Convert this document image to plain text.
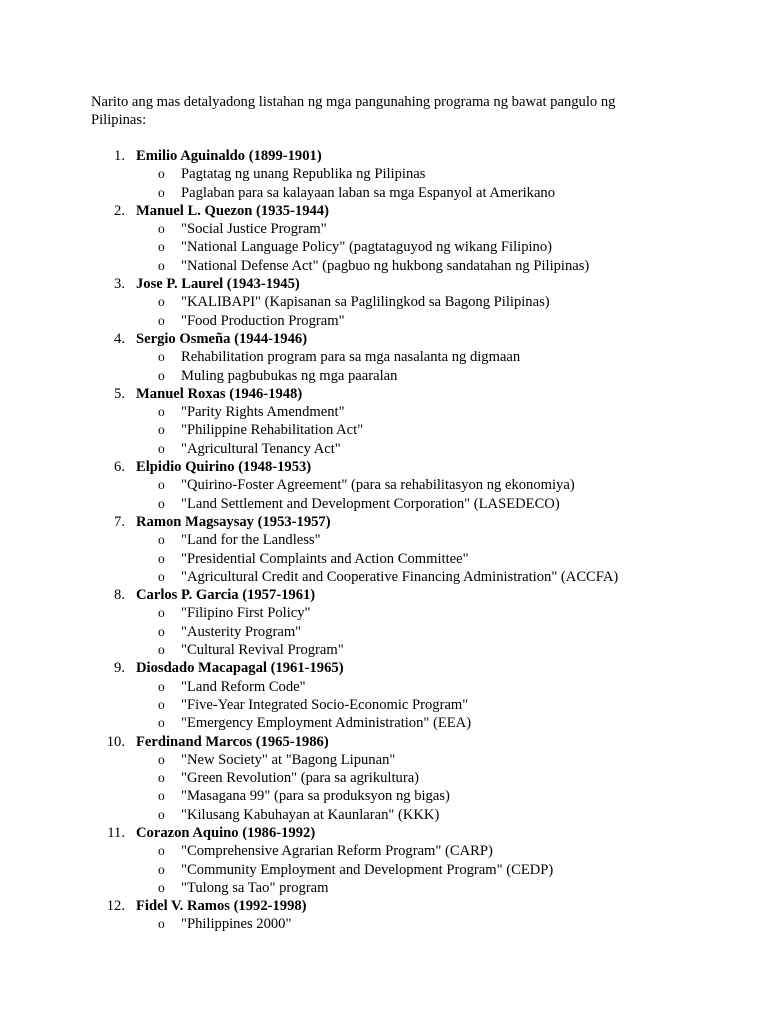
Narito ang mas detalyadong listahan ng mga pangunahing programa ng bawat pangulo ng Pilipinas:
1. Emilio Aguinaldo (1899-1901)
o Pagtatag ng unang Republika ng Pilipinas
o Paglaban para sa kalayaan laban sa mga Espanyol at Amerikano
2. Manuel L. Quezon (1935-1944)
o "Social Justice Program"
o "National Language Policy" (pagtataguyod ng wikang Filipino)
o "National Defense Act" (pagbuo ng hukbong sandatahan ng Pilipinas)
3. Jose P. Laurel (1943-1945)
o "KALIBAPI" (Kapisanan sa Paglilingkod sa Bagong Pilipinas)
o "Food Production Program"
4. Sergio Osmeña (1944-1946)
o Rehabilitation program para sa mga nasalanta ng digmaan
o Muling pagbubukas ng mga paaralan
5. Manuel Roxas (1946-1948)
o "Parity Rights Amendment"
o "Philippine Rehabilitation Act"
o "Agricultural Tenancy Act"
6. Elpidio Quirino (1948-1953)
o "Quirino-Foster Agreement" (para sa rehabilitasyon ng ekonomiya)
o "Land Settlement and Development Corporation" (LASEDECO)
7. Ramon Magsaysay (1953-1957)
o "Land for the Landless"
o "Presidential Complaints and Action Committee"
o "Agricultural Credit and Cooperative Financing Administration" (ACCFA)
8. Carlos P. Garcia (1957-1961)
o "Filipino First Policy"
o "Austerity Program"
o "Cultural Revival Program"
9. Diosdado Macapagal (1961-1965)
o "Land Reform Code"
o "Five-Year Integrated Socio-Economic Program"
o "Emergency Employment Administration" (EEA)
10. Ferdinand Marcos (1965-1986)
o "New Society" at "Bagong Lipunan"
o "Green Revolution" (para sa agrikultura)
o "Masagana 99" (para sa produksyon ng bigas)
o "Kilusang Kabuhayan at Kaunlaran" (KKK)
11. Corazon Aquino (1986-1992)
o "Comprehensive Agrarian Reform Program" (CARP)
o "Community Employment and Development Program" (CEDP)
o "Tulong sa Tao" program
12. Fidel V. Ramos (1992-1998)
o "Philippines 2000"
